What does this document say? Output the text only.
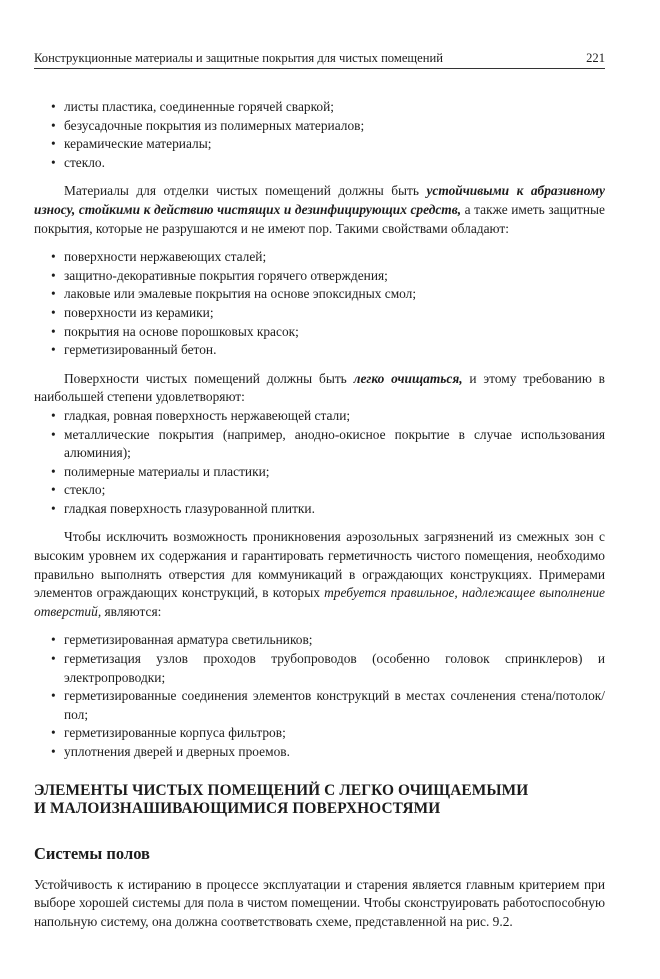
Конструкционные материалы и защитные покрытия для чистых помещений	221
• листы пластика, соединенные горячей сваркой;
• безусадочные покрытия из полимерных материалов;
• керамические материалы;
• стекло.

Материалы для отделки чистых помещений должны быть устойчивыми к абразивному износу, стойкими к действию чистящих и дезинфицирующих средств, а также иметь защитные покрытия, которые не разрушаются и не имеют пор. Такими свойствами обладают:

• поверхности нержавеющих сталей;
• защитно-декоративные покрытия горячего отверждения;
• лаковые или эмалевые покрытия на основе эпоксидных смол;
• поверхности из керамики;
• покрытия на основе порошковых красок;
• герметизированный бетон.

Поверхности чистых помещений должны быть легко очищаться, и этому требованию в наибольшей степени удовлетворяют:

• гладкая, ровная поверхность нержавеющей стали;
• металлические покрытия (например, анодно-окисное покрытие в случае использования алюминия);
• полимерные материалы и пластики;
• стекло;
• гладкая поверхность глазурованной плитки.

Чтобы исключить возможность проникновения аэрозольных загрязнений из смежных зон с высоким уровнем их содержания и гарантировать герметичность чистого помещения, необходимо правильно выполнять отверстия для коммуникаций в ограждающих конструкциях. Примерами элементов ограждающих конструкций, в которых требуется правильное, надлежащее выполнение отверстий, являются:

• герметизированная арматура светильников;
• герметизация узлов проходов трубопроводов (особенно головок спринклеров) и электропроводки;
• герметизированные соединения элементов конструкций в местах сочленения стена/потолок/пол;
• герметизированные корпуса фильтров;
• уплотнения дверей и дверных проемов.
ЭЛЕМЕНТЫ ЧИСТЫХ ПОМЕЩЕНИЙ С ЛЕГКО ОЧИЩАЕМЫМИ
И МАЛОИЗНАШИВАЮЩИМИСЯ ПОВЕРХНОСТЯМИ
Системы полов

Устойчивость к истиранию в процессе эксплуатации и старения является главным критерием при выборе хорошей системы для пола в чистом помещении. Чтобы сконструировать работоспособную напольную систему, она должна соответствовать схеме, представленной на рис. 9.2.
